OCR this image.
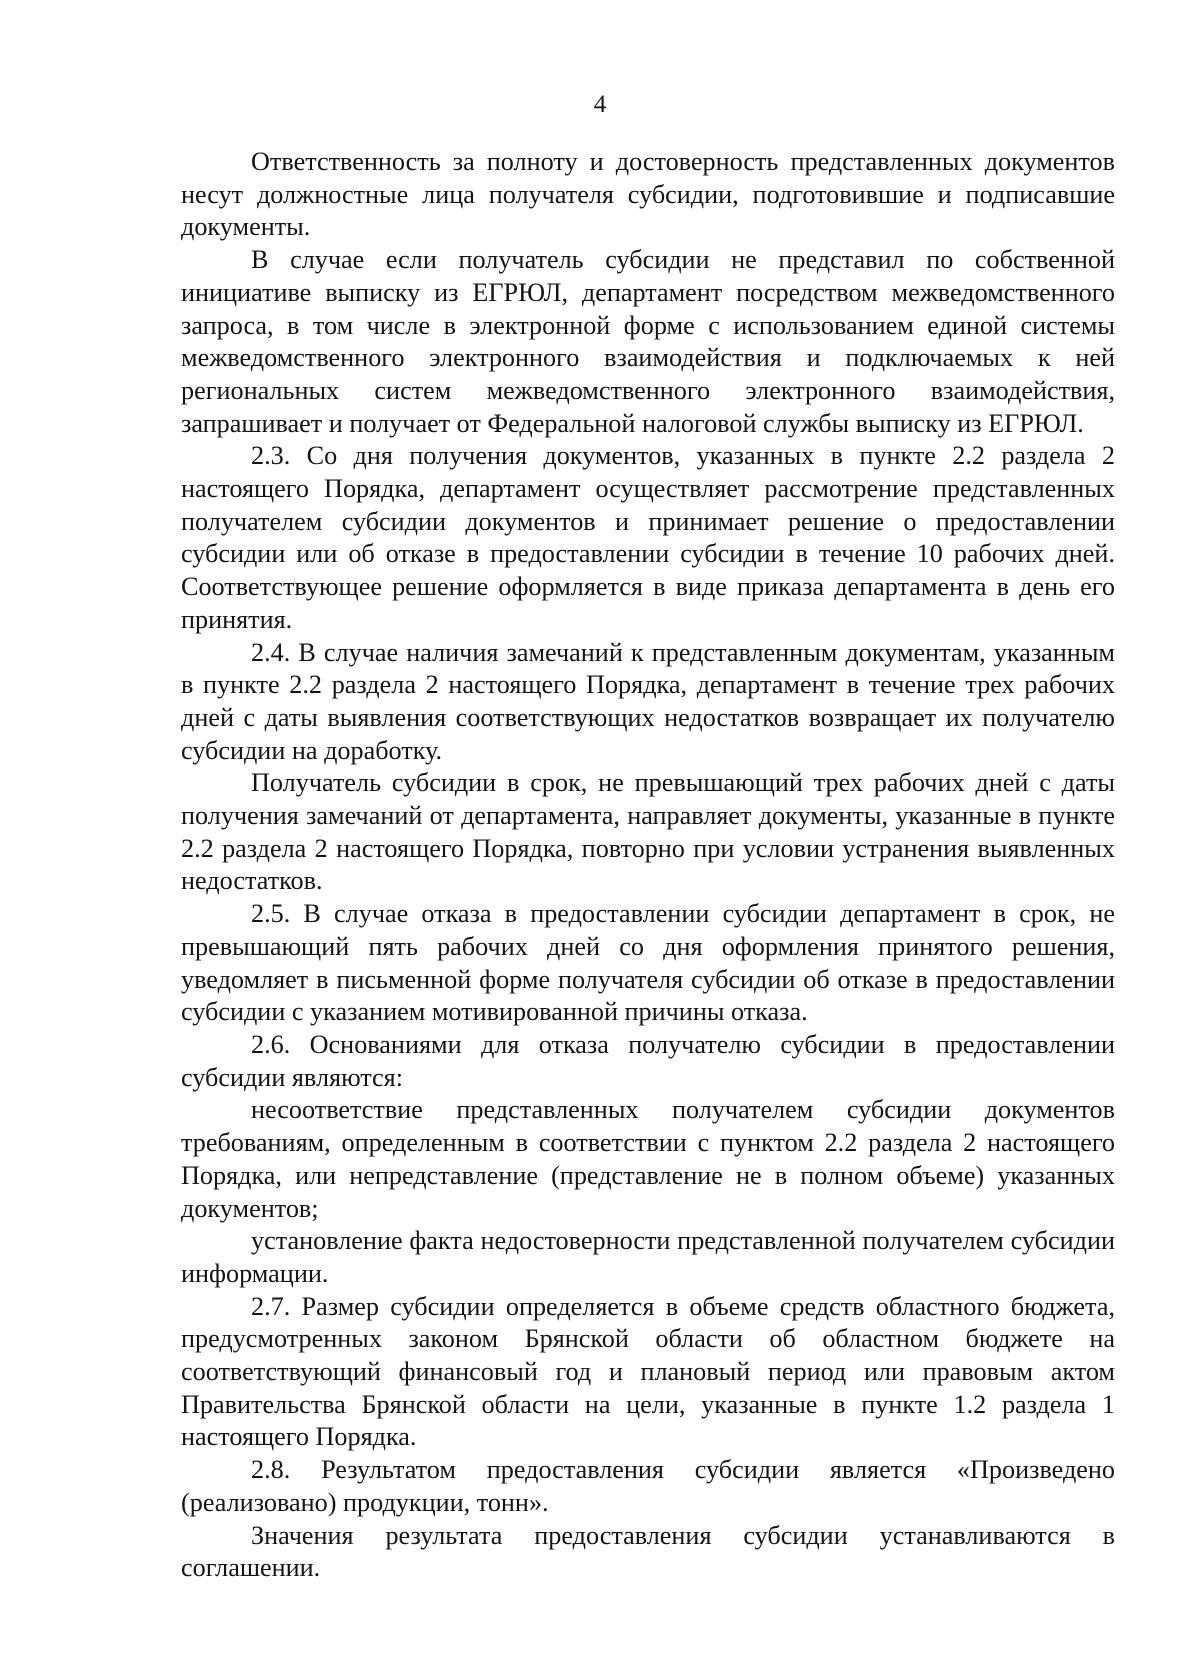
4

Ответственность за полноту и достоверность представленных документов несут должностные лица получателя субсидии, подготовившие и подписавшие документы.

В случае если получатель субсидии не представил по собственной инициативе выписку из ЕГРЮЛ, департамент посредством межведомственного запроса, в том числе в электронной форме с использованием единой системы межведомственного электронного взаимодействия и подключаемых к ней региональных систем межведомственного электронного взаимодействия, запрашивает и получает от Федеральной налоговой службы выписку из ЕГРЮЛ.

2.3. Со дня получения документов, указанных в пункте 2.2 раздела 2 настоящего Порядка, департамент осуществляет рассмотрение представленных получателем субсидии документов и принимает решение о предоставлении субсидии или об отказе в предоставлении субсидии в течение 10 рабочих дней. Соответствующее решение оформляется в виде приказа департамента в день его принятия.

2.4. В случае наличия замечаний к представленным документам, указанным в пункте 2.2 раздела 2 настоящего Порядка, департамент в течение трех рабочих дней с даты выявления соответствующих недостатков возвращает их получателю субсидии на доработку.

Получатель субсидии в срок, не превышающий трех рабочих дней с даты получения замечаний от департамента, направляет документы, указанные в пункте 2.2 раздела 2 настоящего Порядка, повторно при условии устранения выявленных недостатков.

2.5. В случае отказа в предоставлении субсидии департамент в срок, не превышающий пять рабочих дней со дня оформления принятого решения, уведомляет в письменной форме получателя субсидии об отказе в предоставлении субсидии с указанием мотивированной причины отказа.

2.6. Основаниями для отказа получателю субсидии в предоставлении субсидии являются:

несоответствие представленных получателем субсидии документов требованиям, определенным в соответствии с пунктом 2.2 раздела 2 настоящего Порядка, или непредставление (представление не в полном объеме) указанных документов;

установление факта недостоверности представленной получателем субсидии информации.

2.7. Размер субсидии определяется в объеме средств областного бюджета, предусмотренных законом Брянской области об областном бюджете на соответствующий финансовый год и плановый период или правовым актом Правительства Брянской области на цели, указанные в пункте 1.2 раздела 1 настоящего Порядка.

2.8. Результатом предоставления субсидии является «Произведено (реализовано) продукции, тонн».

Значения результата предоставления субсидии устанавливаются в соглашении.
